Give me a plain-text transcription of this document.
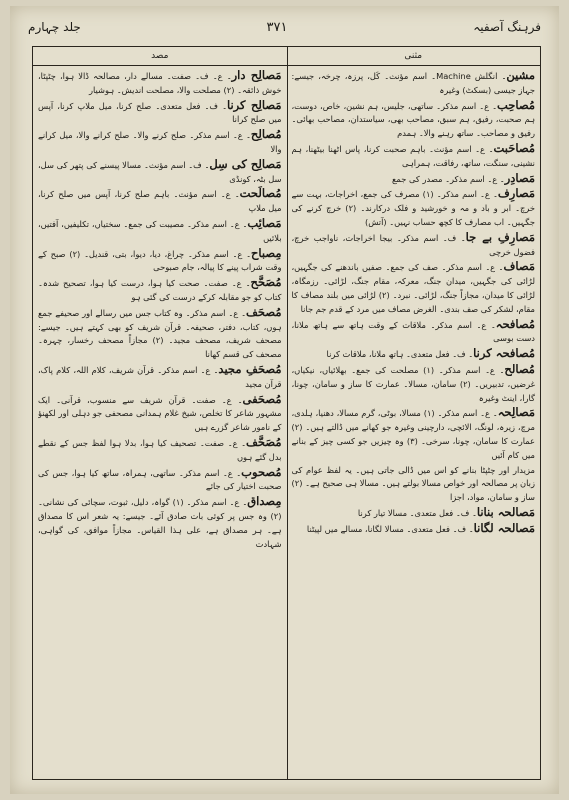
فرہنگ آصفیہ
۳۷۱
جلد چہارم
مثنی
مصد
مشین۔ انگلش Machine۔ اسم مؤنث۔ کَل، پرزہ، چرخہ، جیسے: جہاز جیسی (بسکٹ) وغیرہ
مُصاحِب۔ ع۔ اسم مذکر۔ ساتھی، جلیس، ہم نشین، خاص، دوست، ہم صحبت، رفیق، ہم سبق، مصاحب بھی، سیاستدان، مصاحب بھائی۔ رفیق و مصاحب۔ ساتھ رہنے والا۔ ہمدم
مُصاحَبت۔ ع۔ اسم مؤنث۔ باہم صحبت کرنا، پاس اٹھنا بیٹھنا، ہم نشینی، سنگت، ساتھ، رفاقت، ہمراہی
مَصادِر۔ ع۔ اسم مذکر۔ مصدر کی جمع
مَصارِف۔ ع۔ اسم مذکر۔ (۱) مصرف کی جمع، اخراجات، بہت سے خرچ۔ ابر و باد و مہ و خورشید و فلک درکارند۔ (۲) خرچ کرنے کی جگہیں۔ اب مصارف کا کچھ حساب نہیں۔ (آتش)
مَصارِفِ بے جا۔ ف۔ اسم مذکر۔ بیجا اخراجات، ناواجب خرچ، فضول خرچی
مَصاف۔ ع۔ اسم مذکر۔ صف کی جمع۔ صفیں باندھنے کی جگہیں، لڑائی کی جگہیں، میدان جنگ، معرکہ، مقام جنگ، لڑائی۔ رزمگاہ، لڑائی کا میدان، مجازاً جنگ، لڑائی۔ نبرد۔ (۲) لڑائی میں بلند مصاف کا مقام، لشکر کی صف بندی۔ الغرض مصاف میں مرد کے قدم جم جانا
مُصافحہ۔ ع۔ اسم مذکر۔ ملاقات کے وقت ہاتھ سے ہاتھ ملانا، دست بوسی
مُصافحہ کرنا۔ ف۔ فعل متعدی۔ ہاتھ ملانا، ملاقات کرنا
مُصالح۔ ع۔ اسم مذکر۔ (۱) مصلحت کی جمع۔ بھلائیاں، نیکیاں، غرضیں، تدبیریں۔ (۲) سامان، مسالا۔ عمارت کا ساز و سامان، چونا، گارا، اینٹ وغیرہ
مَصالِحہ۔ ع۔ اسم مذکر۔ (۱) مسالا، بوٹی، گرم مسالا، دھنیا، ہلدی، مرچ، زیرہ، لونگ، الائچی، دارچینی وغیرہ جو کھانے میں ڈالتے ہیں۔ (۲) عمارت کا سامان، چونا، سرخی۔ (۳) وہ چیزیں جو کسی چیز کے بنانے میں کام آئیں
مزیدار اور چٹپٹا بنانے کو اس میں ڈالی جاتی ہیں۔ یہ لفظ عوام کی زبان پر مصالحہ اور خواص مسالا بولتے ہیں۔ مسالا ہی صحیح ہے۔ (۲) ساز و سامان، مواد، اجزا
مَصالحہ بنانا۔ ف۔ فعل متعدی۔ مسالا تیار کرنا
مَصالحہ لگانا۔ ف۔ فعل متعدی۔ مسالا لگانا، مسالے میں لپیٹنا
مَصالِح دار۔ ع۔ ف۔ صفت۔ مسالے دار، مصالحہ ڈالا ہوا، چٹپٹا، خوش ذائقہ۔ (۲) مصلحت والا، مصلحت اندیش۔ ہوشیار
مَصالِح کرنا۔ ف۔ فعل متعدی۔ صلح کرنا، میل ملاپ کرنا، آپس میں صلح کرانا
مُصالِح۔ ع۔ اسم مذکر۔ صلح کرنے والا۔ صلح کرانے والا، میل کرانے والا
مَصالِح کی سِل۔ ف۔ اسم مؤنث۔ مسالا پیسنے کی پتھر کی سل، سل بٹہ، کونڈی
مُصالَحت۔ ع۔ اسم مؤنث۔ باہم صلح کرنا، آپس میں صلح کرنا، میل ملاپ
مَصائِب۔ ع۔ اسم مذکر۔ مصیبت کی جمع۔ سختیاں، تکلیفیں، آفتیں، بلائیں
مِصباح۔ ع۔ اسم مذکر۔ چراغ، دیا، دیوا، بتی، قندیل۔ (۲) صبح کے وقت شراب پینے کا پیالہ، جام صبوحی
مُصَحَّح۔ ع۔ صفت۔ صحت کیا ہوا، درست کیا ہوا، تصحیح شدہ۔ کتاب کو جو مقابلہ کرکے درست کی گئی ہو
مُصحَف۔ ع۔ اسم مذکر۔ وہ کتاب جس میں رسالے اور صحیفے جمع ہوں، کتاب، دفتر، صحیفہ۔ قرآن شریف کو بھی کہتے ہیں۔ جیسے: مصحف شریف، مصحف مجید۔ (۲) مجازاً مصحف رخسار، چہرہ۔ مصحف کی قسم کھانا
مُصحَفِ مجید۔ ع۔ اسم مذکر۔ قرآن شریف، کلام اللہ، کلام پاک، قرآن مجید
مُصحَفی۔ ع۔ صفت۔ قرآن شریف سے منسوب، قرآنی۔ ایک مشہور شاعر کا تخلص، شیخ غلام ہمدانی مصحفی جو دہلی اور لکھنؤ کے نامور شاعر گزرے ہیں
مُصَحَّف۔ ع۔ صفت۔ تصحیف کیا ہوا، بدلا ہوا لفظ جس کے نقطے بدل گئے ہوں
مُصحوب۔ ع۔ اسم مذکر۔ ساتھی، ہمراہ، ساتھ کیا ہوا، جس کی صحبت اختیار کی جائے
مِصداق۔ ع۔ اسم مذکر۔ (۱) گواہ، دلیل، ثبوت، سچائی کی نشانی۔ (۲) وہ جس پر کوئی بات صادق آئے۔ جیسے: یہ شعر اس کا مصداق ہے۔ ہر مصداق ہے، علی ہذا القیاس۔ مجازاً موافق، کی گواہی، شہادت
